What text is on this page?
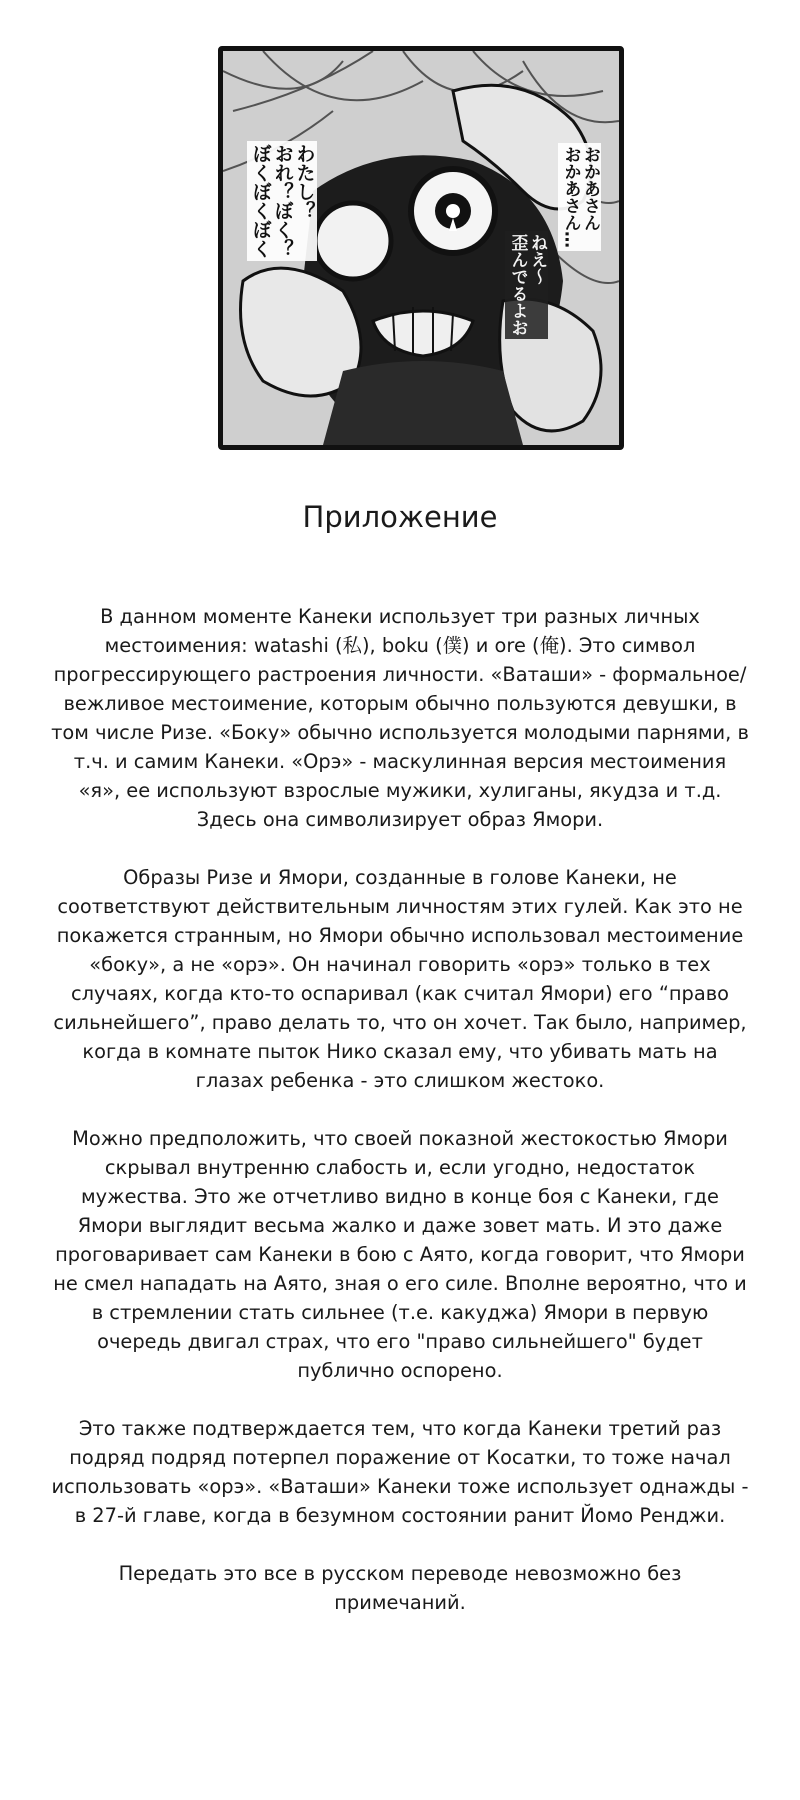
わたし？
おれ？ぼく？
ぼくぼくぼく	おかあさん
おかあさん…
ねえ～
歪んでるよお
Приложение

В данном моменте Канеки использует три разных личных местоимения: watashi (私), boku (僕) и ore (俺). Это символ прогрессирующего растроения личности. «Ваташи» - формальное/вежливое местоимение, которым обычно пользуются девушки, в том числе Ризе. «Боку» обычно используется молодыми парнями, в т.ч. и самим Канеки. «Орэ» - маскулинная версия местоимения «я», ее используют взрослые мужики, хулиганы, якудза и т.д. Здесь она символизирует образ Ямори.

Образы Ризе и Ямори, созданные в голове Канеки, не соответствуют действительным личностям этих гулей. Как это не покажется странным, но Ямори обычно использовал местоимение «боку», а не «орэ». Он начинал говорить «орэ» только в тех случаях, когда кто-то оспаривал (как считал Ямори) его “право сильнейшего”, право делать то, что он хочет. Так было, например, когда в комнате пыток Нико сказал ему, что убивать мать на глазах ребенка - это слишком жестоко.

Можно предположить, что своей показной жестокостью Ямори скрывал внутренню слабость и, если угодно, недостаток мужества. Это же отчетливо видно в конце боя с Канеки, где Ямори выглядит весьма жалко и даже зовет мать. И это даже проговаривает сам Канеки в бою с Аято, когда говорит, что Ямори не смел нападать на Аято, зная о его силе. Вполне вероятно, что и в стремлении стать сильнее (т.е. какуджа) Ямори в первую очередь двигал страх, что его "право сильнейшего" будет публично оспорено.

Это также подтверждается тем, что когда Канеки третий раз подряд подряд потерпел поражение от Косатки, то тоже начал использовать «орэ». «Ваташи» Канеки тоже использует однажды - в 27-й главе, когда в безумном состоянии ранит Йомо Ренджи.

Передать это все в русском переводе невозможно без примечаний.
